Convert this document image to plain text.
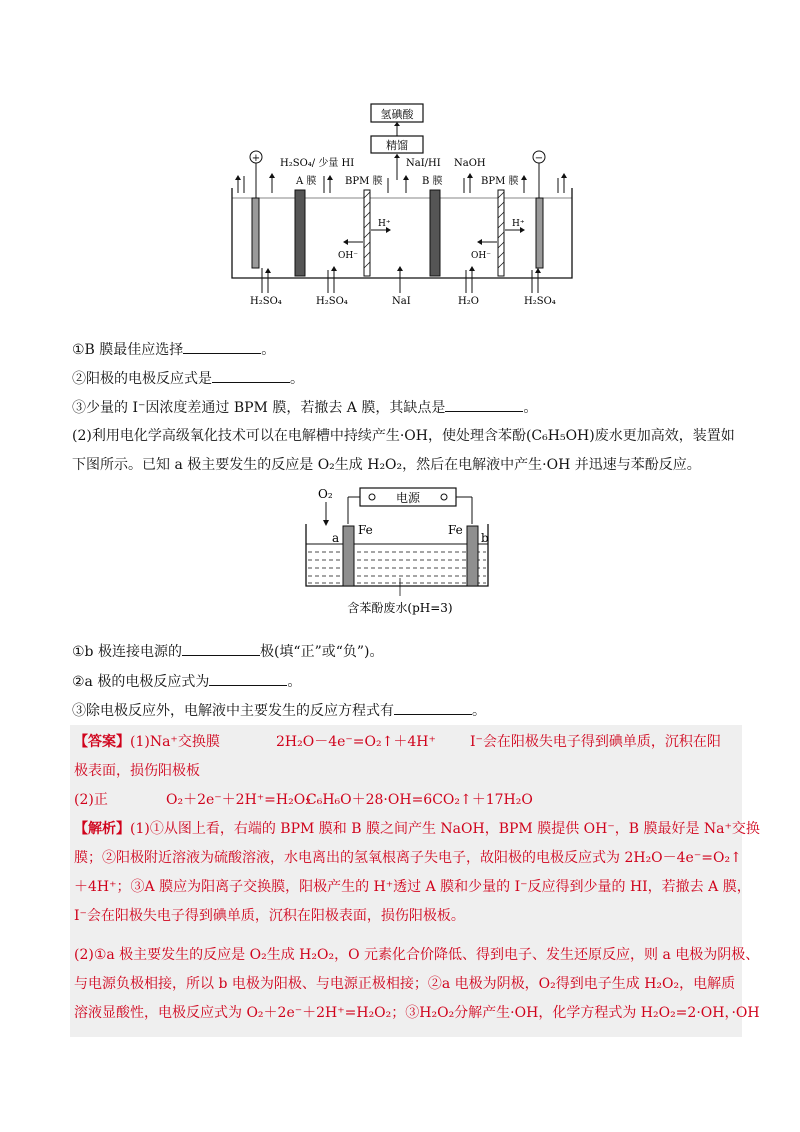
氢碘酸
精馏
+	−
H₂SO₄/ 少量 HI	NaI/HI NaOH
A 膜	BPM 膜	B 膜	BPM 膜
H⁺
OH⁻
H⁺
OH⁻
H₂SO₄	H₂SO₄	NaI	H₂O	H₂SO₄
①B 膜最佳应选择	。
②阳极的电极反应式是	。
③少量的 I⁻因浓度差通过 BPM 膜，若撤去 A 膜，其缺点是	。
(2)利用电化学高级氧化技术可以在电解槽中持续产生·OH，使处理含苯酚(C₆H₅OH)废水更加高效，装置如
下图所示。已知 a 极主要发生的反应是 O₂生成 H₂O₂，然后在电解液中产生·OH 并迅速与苯酚反应。
O₂	电源
a
Fe	Fe
b
含苯酚废水(pH=3)
①b 极连接电源的	极(填“正”或“负”)。
②a 极的电极反应式为	。
③除电极反应外，电解液中主要发生的反应方程式有	。
【答案】(1)Na⁺交换膜	2H₂O－4e⁻=O₂↑＋4H⁺ I⁻会在阳极失电子得到碘单质，沉积在阳
极表面，损伤阳极板
(2)正	O₂＋2e⁻＋2H⁺=H₂O₂
C₆H₆O＋28·OH=6CO₂↑＋17H₂O
【解析】(1)①从图上看，右端的 BPM 膜和 B 膜之间产生 NaOH，BPM 膜提供 OH⁻，B 膜最好是 Na⁺交换
膜；②阳极附近溶液为硫酸溶液，水电离出的氢氧根离子失电子，故阳极的电极反应式为 2H₂O－4e⁻=O₂↑
＋4H⁺；③A 膜应为阳离子交换膜，阳极产生的 H⁺透过 A 膜和少量的 I⁻反应得到少量的 HI，若撤去 A 膜，
I⁻会在阳极失电子得到碘单质，沉积在阳极表面，损伤阳极板。
(2)①a 极主要发生的反应是 O₂生成 H₂O₂，O 元素化合价降低、得到电子、发生还原反应，则 a 电极为阴极、
与电源负极相接，所以 b 电极为阳极、与电源正极相接；②a 电极为阴极，O₂得到电子生成 H₂O₂，电解质
溶液显酸性，电极反应式为 O₂＋2e⁻＋2H⁺=H₂O₂；③H₂O₂分解产生·OH，化学方程式为 H₂O₂=2·OH，·OH
